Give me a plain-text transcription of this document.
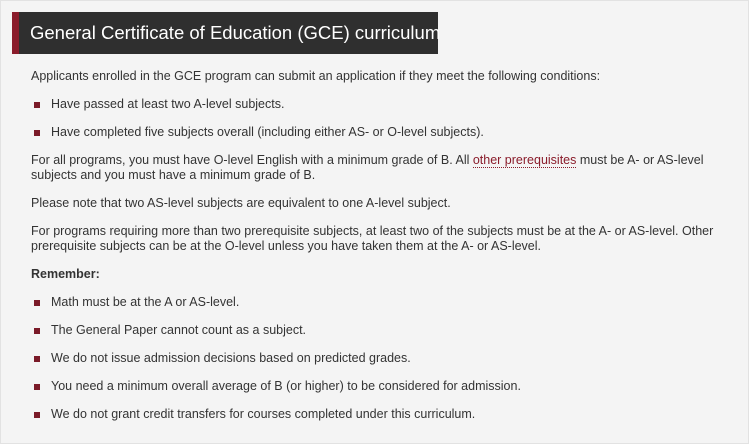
General Certificate of Education (GCE) curriculum

Applicants enrolled in the GCE program can submit an application if they meet the following conditions:

Have passed at least two A-level subjects.
Have completed five subjects overall (including either AS- or O-level subjects).

For all programs, you must have O-level English with a minimum grade of B. All other prerequisites must be A- or AS-level subjects and you must have a minimum grade of B.

Please note that two AS-level subjects are equivalent to one A-level subject.

For programs requiring more than two prerequisite subjects, at least two of the subjects must be at the A- or AS-level. Other prerequisite subjects can be at the O-level unless you have taken them at the A- or AS-level.

Remember:

Math must be at the A or AS-level.
The General Paper cannot count as a subject.
We do not issue admission decisions based on predicted grades.
You need a minimum overall average of B (or higher) to be considered for admission.
We do not grant credit transfers for courses completed under this curriculum.
